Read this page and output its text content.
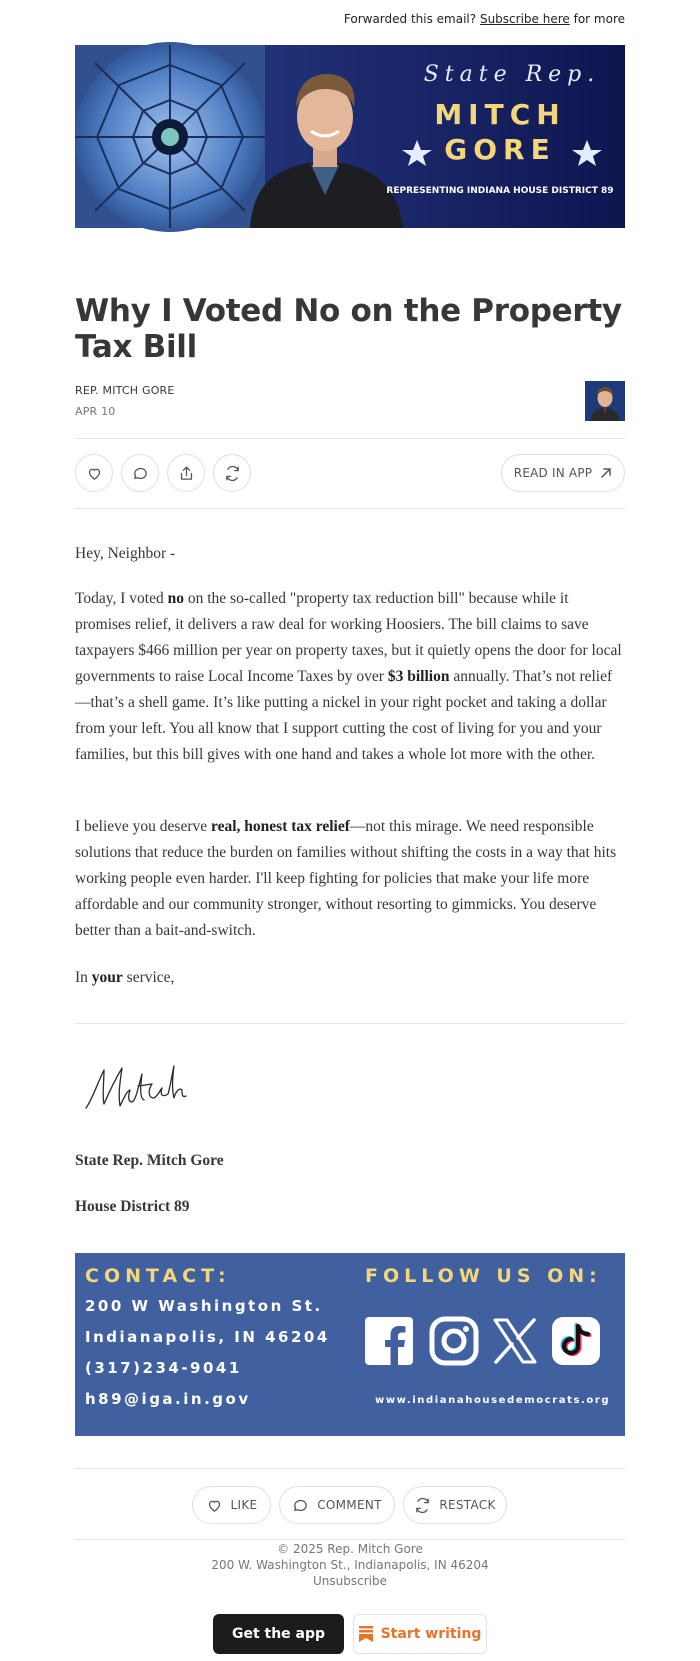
Forwarded this email? Subscribe here for more
State Rep.
MITCH
GORE
REPRESENTING INDIANA HOUSE DISTRICT 89
Why I Voted No on the Property Tax Bill
REP. MITCH GORE
APR 10
READ IN APP

Hey, Neighbor -

Today, I voted no on the so-called "property tax reduction bill" because while it promises relief, it delivers a raw deal for working Hoosiers. The bill claims to save taxpayers $466 million per year on property taxes, but it quietly opens the door for local governments to raise Local Income Taxes by over $3 billion annually. That’s not relief—that’s a shell game. It’s like putting a nickel in your right pocket and taking a dollar from your left. You all know that I support cutting the cost of living for you and your families, but this bill gives with one hand and takes a whole lot more with the other.

I believe you deserve real, honest tax relief—not this mirage. We need responsible solutions that reduce the burden on families without shifting the costs in a way that hits working people even harder. I'll keep fighting for policies that make your life more affordable and our community stronger, without resorting to gimmicks. You deserve better than a bait-and-switch.

In your service,

Mitch
State Rep. Mitch Gore
House District 89
CONTACT:
200 W Washington St.
Indianapolis, IN 46204
(317)234-9041
h89@iga.in.gov
FOLLOW US ON:
www.indianahousedemocrats.org
LIKE	COMMENT	RESTACK
© 2025 Rep. Mitch Gore
200 W. Washington St., Indianapolis, IN 46204
Unsubscribe
Get the app	Start writing
